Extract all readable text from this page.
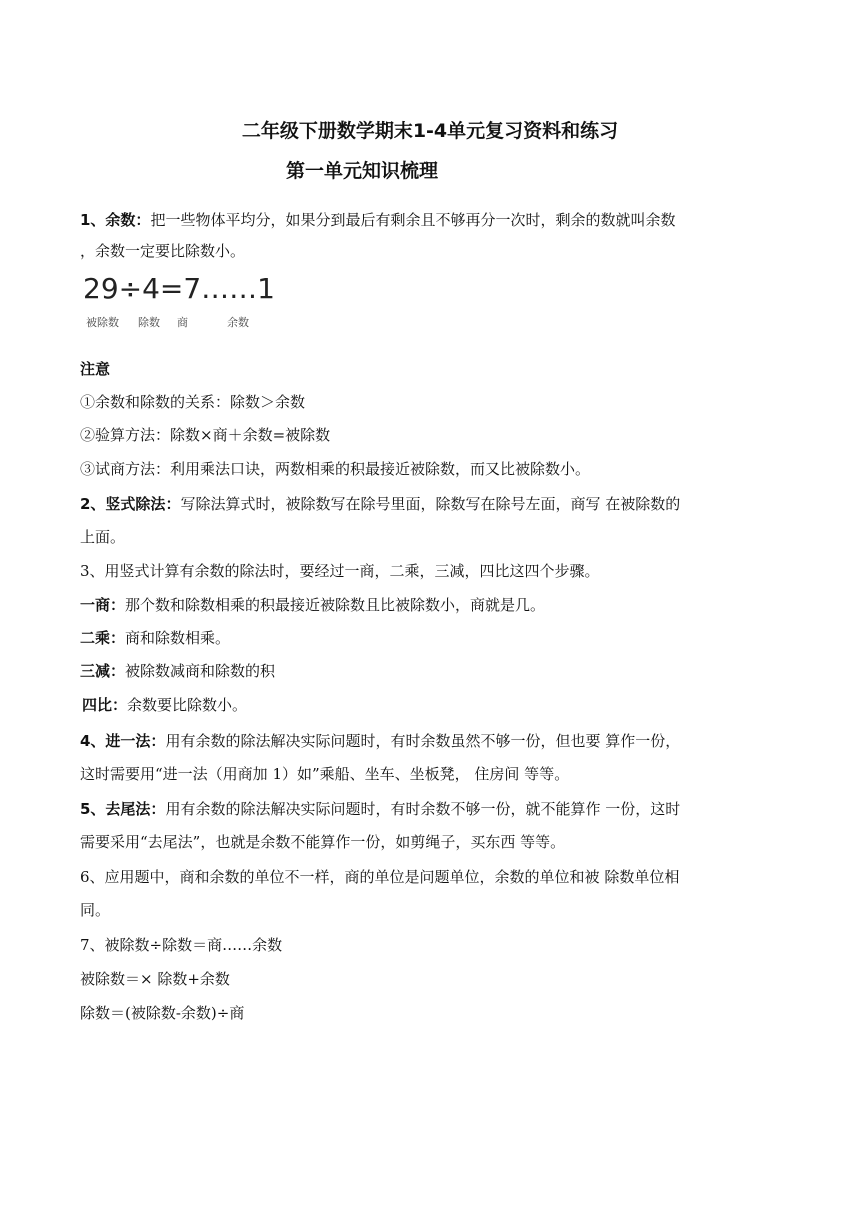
二年级下册数学期末1-4单元复习资料和练习
第一单元知识梳理
1、余数：把一些物体平均分，如果分到最后有剩余且不够再分一次时，剩余的数就叫余数
，余数一定要比除数小。
29÷4=7……1
被除数 除数 商	余数
注意
①余数和除数的关系：除数＞余数
②验算方法：除数×商＋余数=被除数
③试商方法：利用乘法口诀，两数相乘的积最接近被除数，而又比被除数小。
2、竖式除法：写除法算式时，被除数写在除号里面，除数写在除号左面，商写 在被除数的
上面。
3、用竖式计算有余数的除法时，要经过一商，二乘，三减，四比这四个步骤。
一商：那个数和除数相乘的积最接近被除数且比被除数小，商就是几。
二乘：商和除数相乘。
三减：被除数减商和除数的积
四比：余数要比除数小。
4、进一法：用有余数的除法解决实际问题时，有时余数虽然不够一份，但也要 算作一份，
这时需要用“进一法（用商加 1）如”乘船、坐车、坐板凳， 住房间 等等。
5、去尾法：用有余数的除法解决实际问题时，有时余数不够一份，就不能算作 一份，这时
需要采用“去尾法”，也就是余数不能算作一份，如剪绳子，买东西 等等。
6、应用题中，商和余数的单位不一样，商的单位是问题单位，余数的单位和被 除数单位相
同。
7、被除数÷除数＝商……余数
被除数＝× 除数+余数
除数＝(被除数-余数)÷商
